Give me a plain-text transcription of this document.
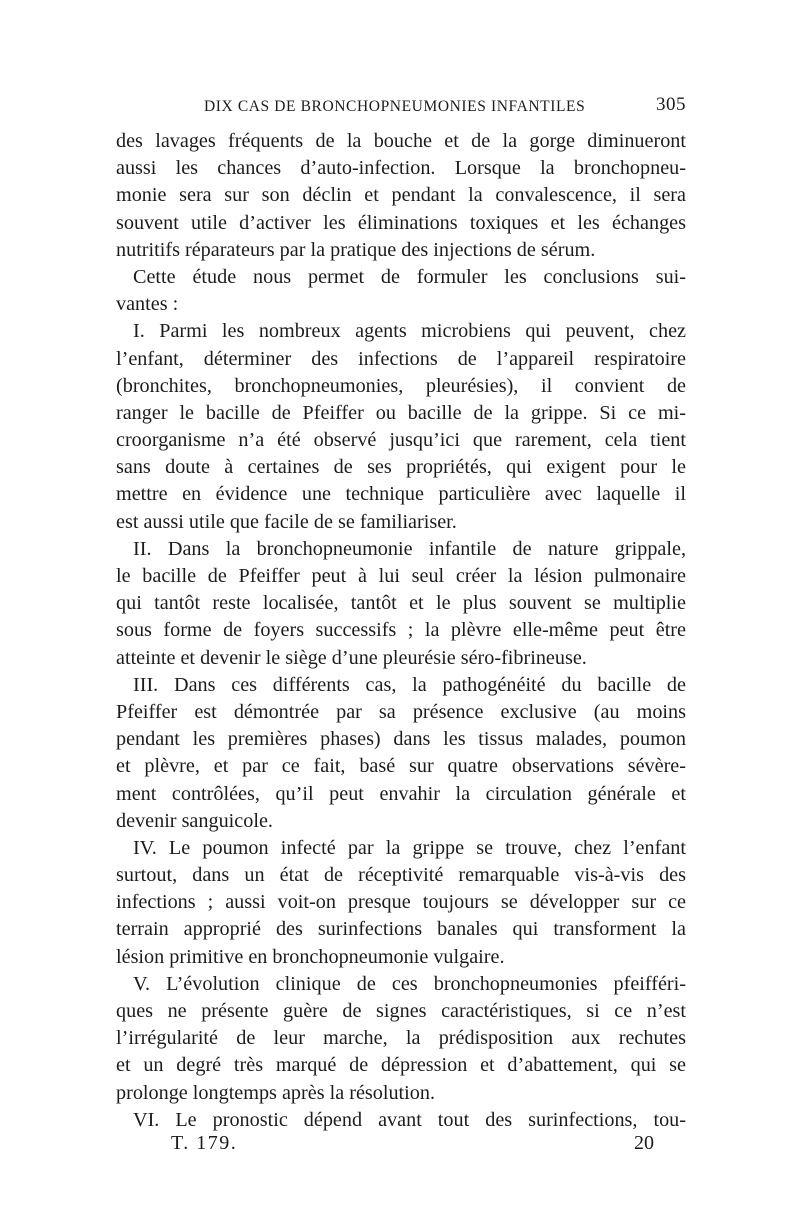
DIX CAS DE BRONCHOPNEUMONIES INFANTILES	305
des lavages fréquents de la bouche et de la gorge diminueront
aussi les chances d’auto-infection. Lorsque la bronchopneu-
monie sera sur son déclin et pendant la convalescence, il sera
souvent utile d’activer les éliminations toxiques et les échanges
nutritifs réparateurs par la pratique des injections de sérum.
Cette étude nous permet de formuler les conclusions sui-
vantes :
I. Parmi les nombreux agents microbiens qui peuvent, chez
l’enfant, déterminer des infections de l’appareil respiratoire
(bronchites, bronchopneumonies, pleurésies), il convient de
ranger le bacille de Pfeiffer ou bacille de la grippe. Si ce mi-
croorganisme n’a été observé jusqu’ici que rarement, cela tient
sans doute à certaines de ses propriétés, qui exigent pour le
mettre en évidence une technique particulière avec laquelle il
est aussi utile que facile de se familiariser.
II. Dans la bronchopneumonie infantile de nature grippale,
le bacille de Pfeiffer peut à lui seul créer la lésion pulmonaire
qui tantôt reste localisée, tantôt et le plus souvent se multiplie
sous forme de foyers successifs ; la plèvre elle-même peut être
atteinte et devenir le siège d’une pleurésie séro-fibrineuse.
III. Dans ces différents cas, la pathogénéité du bacille de
Pfeiffer est démontrée par sa présence exclusive (au moins
pendant les premières phases) dans les tissus malades, poumon
et plèvre, et par ce fait, basé sur quatre observations sévère-
ment contrôlées, qu’il peut envahir la circulation générale et
devenir sanguicole.
IV. Le poumon infecté par la grippe se trouve, chez l’enfant
surtout, dans un état de réceptivité remarquable vis-à-vis des
infections ; aussi voit-on presque toujours se développer sur ce
terrain approprié des surinfections banales qui transforment la
lésion primitive en bronchopneumonie vulgaire.
V. L’évolution clinique de ces bronchopneumonies pfeifféri-
ques ne présente guère de signes caractéristiques, si ce n’est
l’irrégularité de leur marche, la prédisposition aux rechutes
et un degré très marqué de dépression et d’abattement, qui se
prolonge longtemps après la résolution.
VI. Le pronostic dépend avant tout des surinfections, tou-
T. 179.	20
